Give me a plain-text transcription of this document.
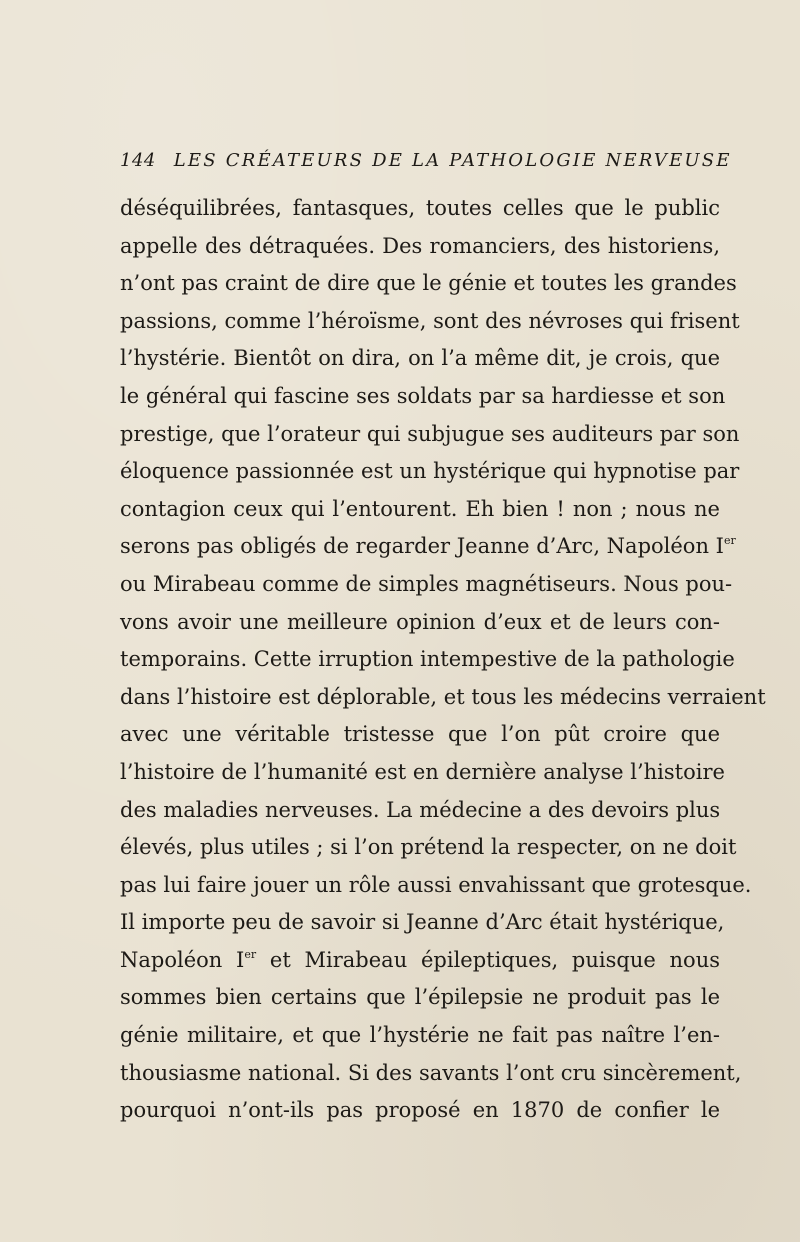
144 LES CRÉATEURS DE LA PATHOLOGIE NERVEUSE
déséquilibrées, fantasques, toutes celles que le public
appelle des détraquées. Des romanciers, des historiens,
n’ont pas craint de dire que le génie et toutes les grandes
passions, comme l’héroïsme, sont des névroses qui frisent
l’hystérie. Bientôt on dira, on l’a même dit, je crois, que
le général qui fascine ses soldats par sa hardiesse et son
prestige, que l’orateur qui subjugue ses auditeurs par son
éloquence passionnée est un hystérique qui hypnotise par
contagion ceux qui l’entourent. Eh bien ! non ; nous ne
serons pas obligés de regarder Jeanne d’Arc, Napoléon Ier
ou Mirabeau comme de simples magnétiseurs. Nous pou-
vons avoir une meilleure opinion d’eux et de leurs con-
temporains. Cette irruption intempestive de la pathologie
dans l’histoire est déplorable, et tous les médecins verraient
avec une véritable tristesse que l’on pût croire que
l’histoire de l’humanité est en dernière analyse l’histoire
des maladies nerveuses. La médecine a des devoirs plus
élevés, plus utiles ; si l’on prétend la respecter, on ne doit
pas lui faire jouer un rôle aussi envahissant que grotesque.
Il importe peu de savoir si Jeanne d’Arc était hystérique,
Napoléon Ier et Mirabeau épileptiques, puisque nous
sommes bien certains que l’épilepsie ne produit pas le
génie militaire, et que l’hystérie ne fait pas naître l’en-
thousiasme national. Si des savants l’ont cru sincèrement,
pourquoi n’ont-ils pas proposé en 1870 de confier le
